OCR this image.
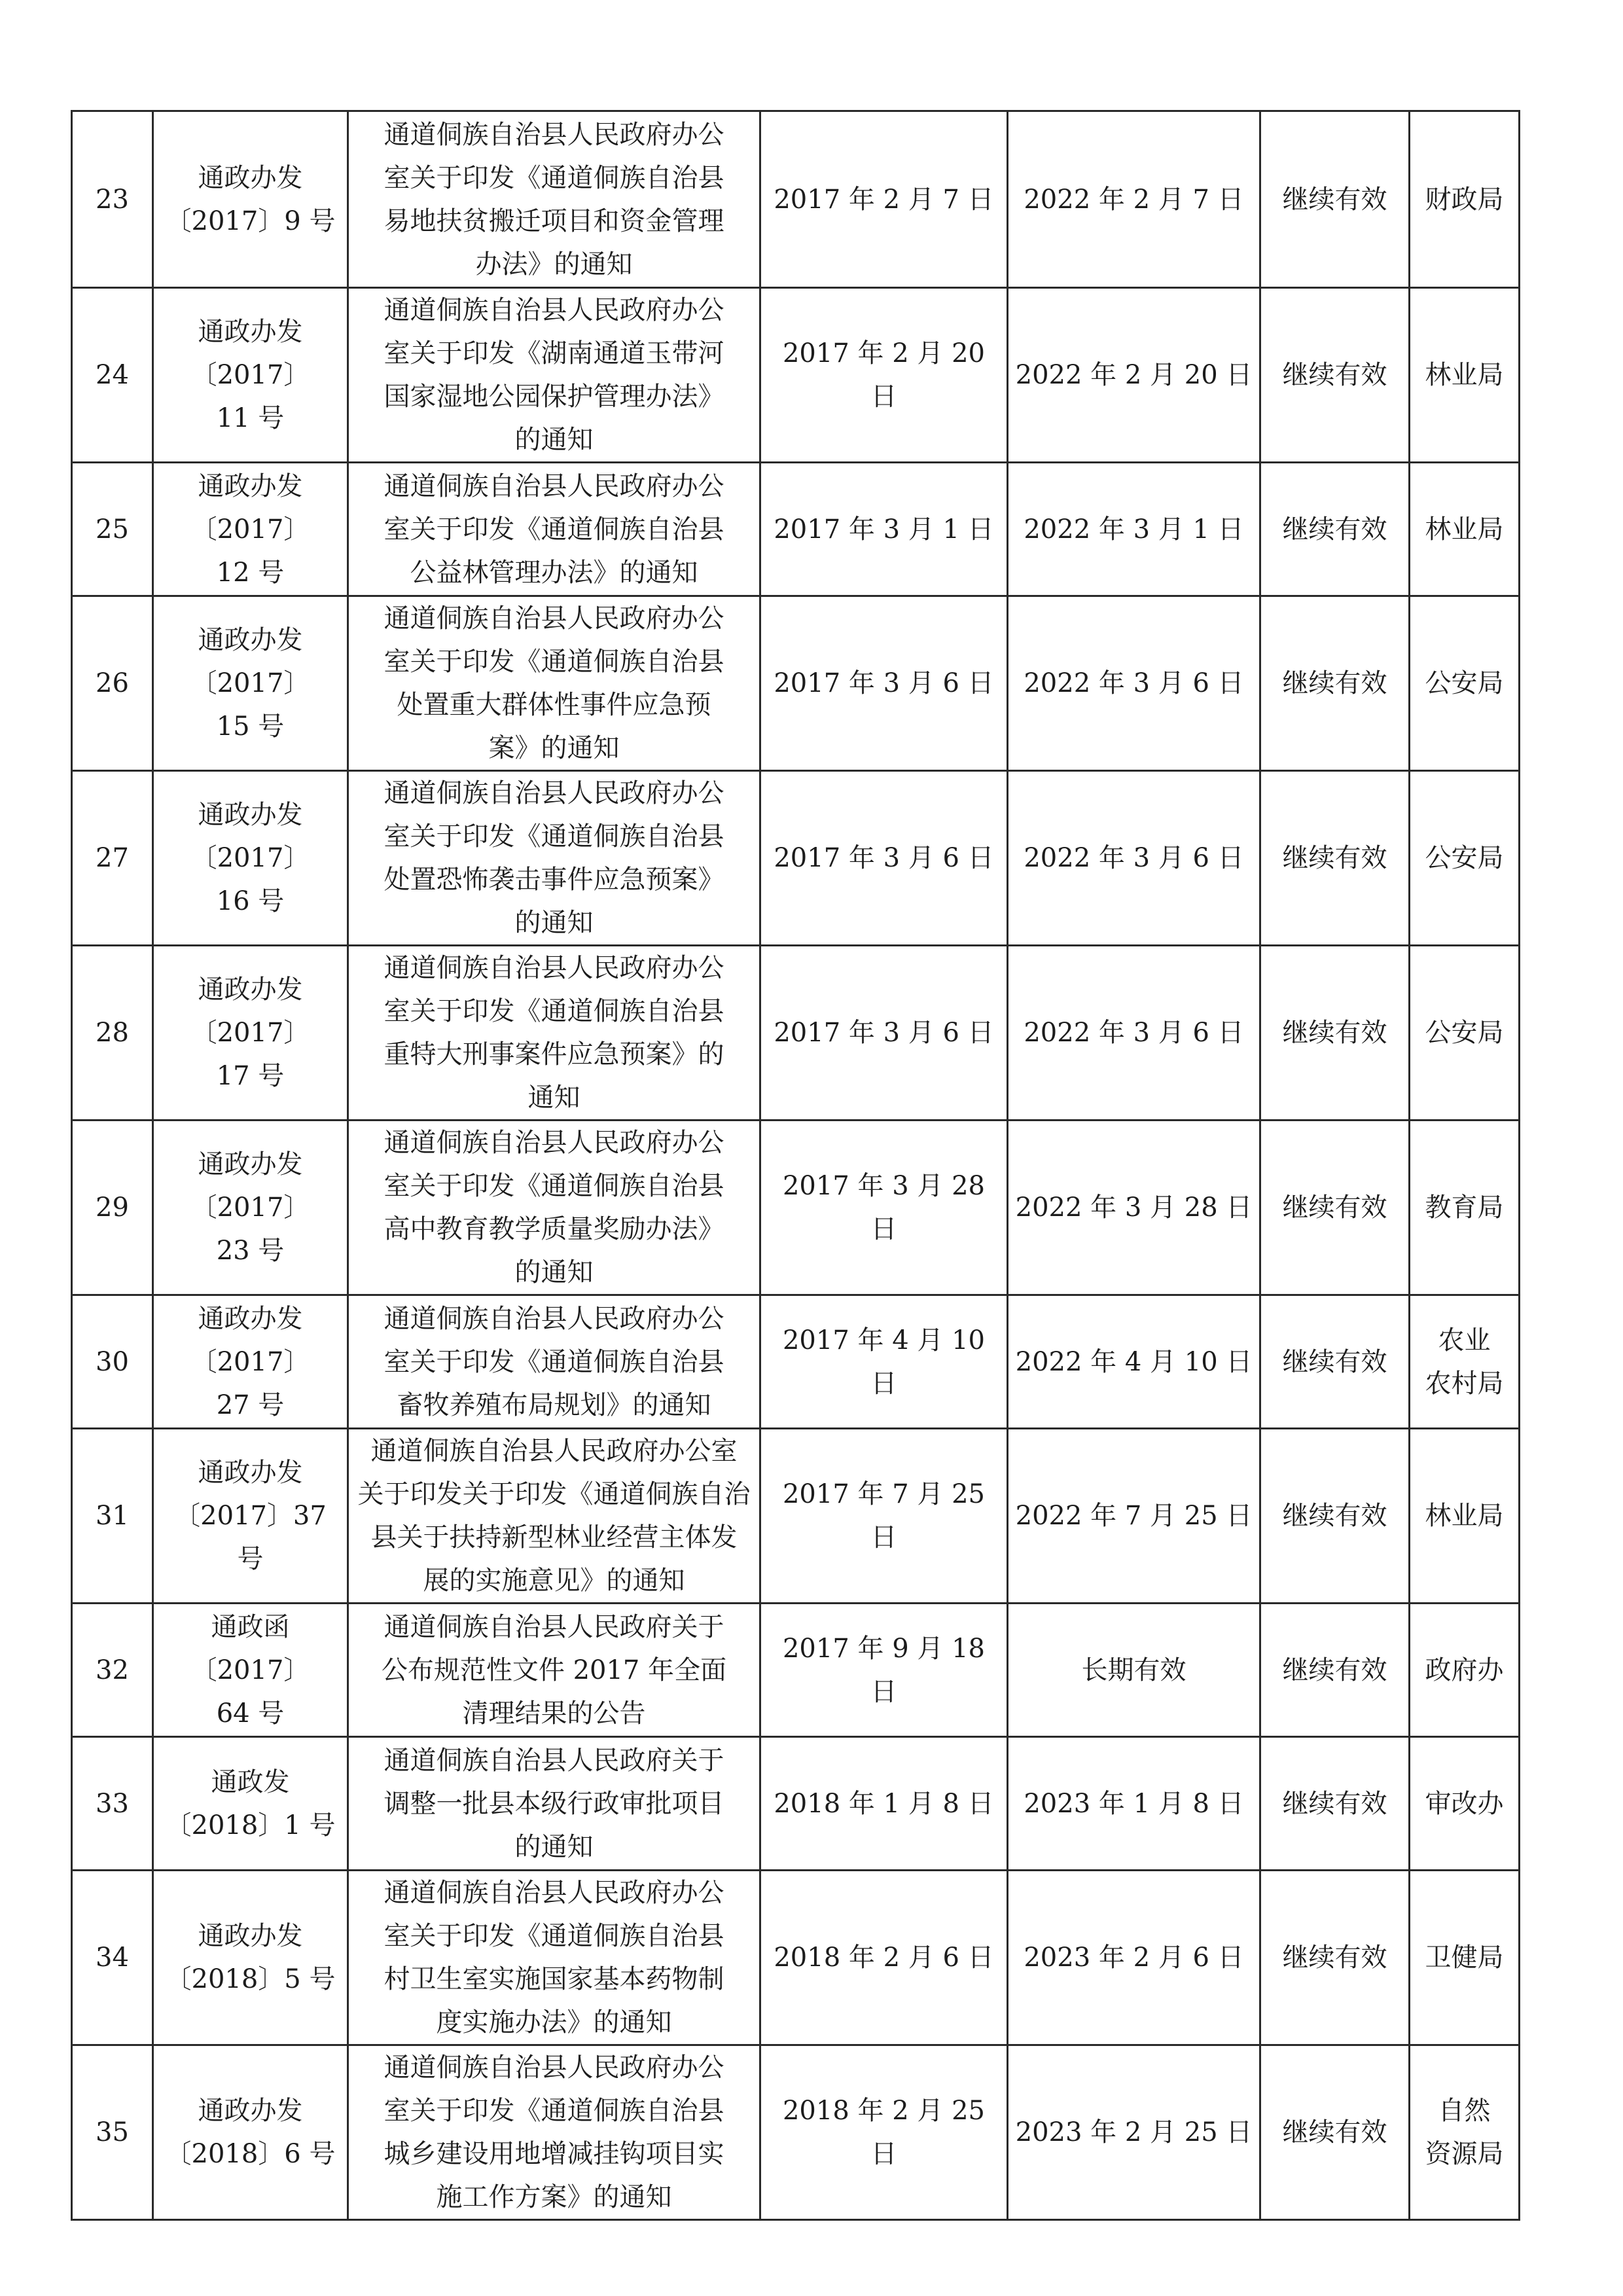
23	通政办发
〔2017〕9 号	通道侗族自治县人民政府办公
室关于印发《通道侗族自治县
易地扶贫搬迁项目和资金管理
办法》的通知	2017 年 2 月 7 日	2022 年 2 月 7 日	继续有效	财政局

24	通政办发
〔2017〕
11 号	通道侗族自治县人民政府办公
室关于印发《湖南通道玉带河
国家湿地公园保护管理办法》
的通知	2017 年 2 月 20 日	2022 年 2 月 20 日	继续有效	林业局

25	通政办发
〔2017〕
12 号	通道侗族自治县人民政府办公
室关于印发《通道侗族自治县
公益林管理办法》的通知	2017 年 3 月 1 日	2022 年 3 月 1 日	继续有效	林业局

26	通政办发
〔2017〕
15 号	通道侗族自治县人民政府办公
室关于印发《通道侗族自治县
处置重大群体性事件应急预
案》的通知	2017 年 3 月 6 日	2022 年 3 月 6 日	继续有效	公安局

27	通政办发
〔2017〕
16 号	通道侗族自治县人民政府办公
室关于印发《通道侗族自治县
处置恐怖袭击事件应急预案》
的通知	2017 年 3 月 6 日	2022 年 3 月 6 日	继续有效	公安局

28	通政办发
〔2017〕
17 号	通道侗族自治县人民政府办公
室关于印发《通道侗族自治县
重特大刑事案件应急预案》的
通知	2017 年 3 月 6 日	2022 年 3 月 6 日	继续有效	公安局

29	通政办发
〔2017〕
23 号	通道侗族自治县人民政府办公
室关于印发《通道侗族自治县
高中教育教学质量奖励办法》
的通知	2017 年 3 月 28 日	2022 年 3 月 28 日	继续有效	教育局

30	通政办发
〔2017〕
27 号	通道侗族自治县人民政府办公
室关于印发《通道侗族自治县
畜牧养殖布局规划》的通知	2017 年 4 月 10 日	2022 年 4 月 10 日	继续有效	农业
农村局

31	通政办发
〔2017〕37 号	通道侗族自治县人民政府办公室
关于印发关于印发《通道侗族自治
县关于扶持新型林业经营主体发
展的实施意见》的通知	2017 年 7 月 25 日	2022 年 7 月 25 日	继续有效	林业局

32	通政函
〔2017〕
64 号	通道侗族自治县人民政府关于
公布规范性文件 2017 年全面
清理结果的公告	2017 年 9 月 18 日	长期有效	继续有效	政府办

33	通政发
〔2018〕1 号	通道侗族自治县人民政府关于
调整一批县本级行政审批项目
的通知	2018 年 1 月 8 日	2023 年 1 月 8 日	继续有效	审改办

34	通政办发
〔2018〕5 号	通道侗族自治县人民政府办公
室关于印发《通道侗族自治县
村卫生室实施国家基本药物制
度实施办法》的通知	2018 年 2 月 6 日	2023 年 2 月 6 日	继续有效	卫健局

35	通政办发
〔2018〕6 号	通道侗族自治县人民政府办公
室关于印发《通道侗族自治县
城乡建设用地增减挂钩项目实
施工作方案》的通知	2018 年 2 月 25 日	2023 年 2 月 25 日	继续有效	自然
资源局
